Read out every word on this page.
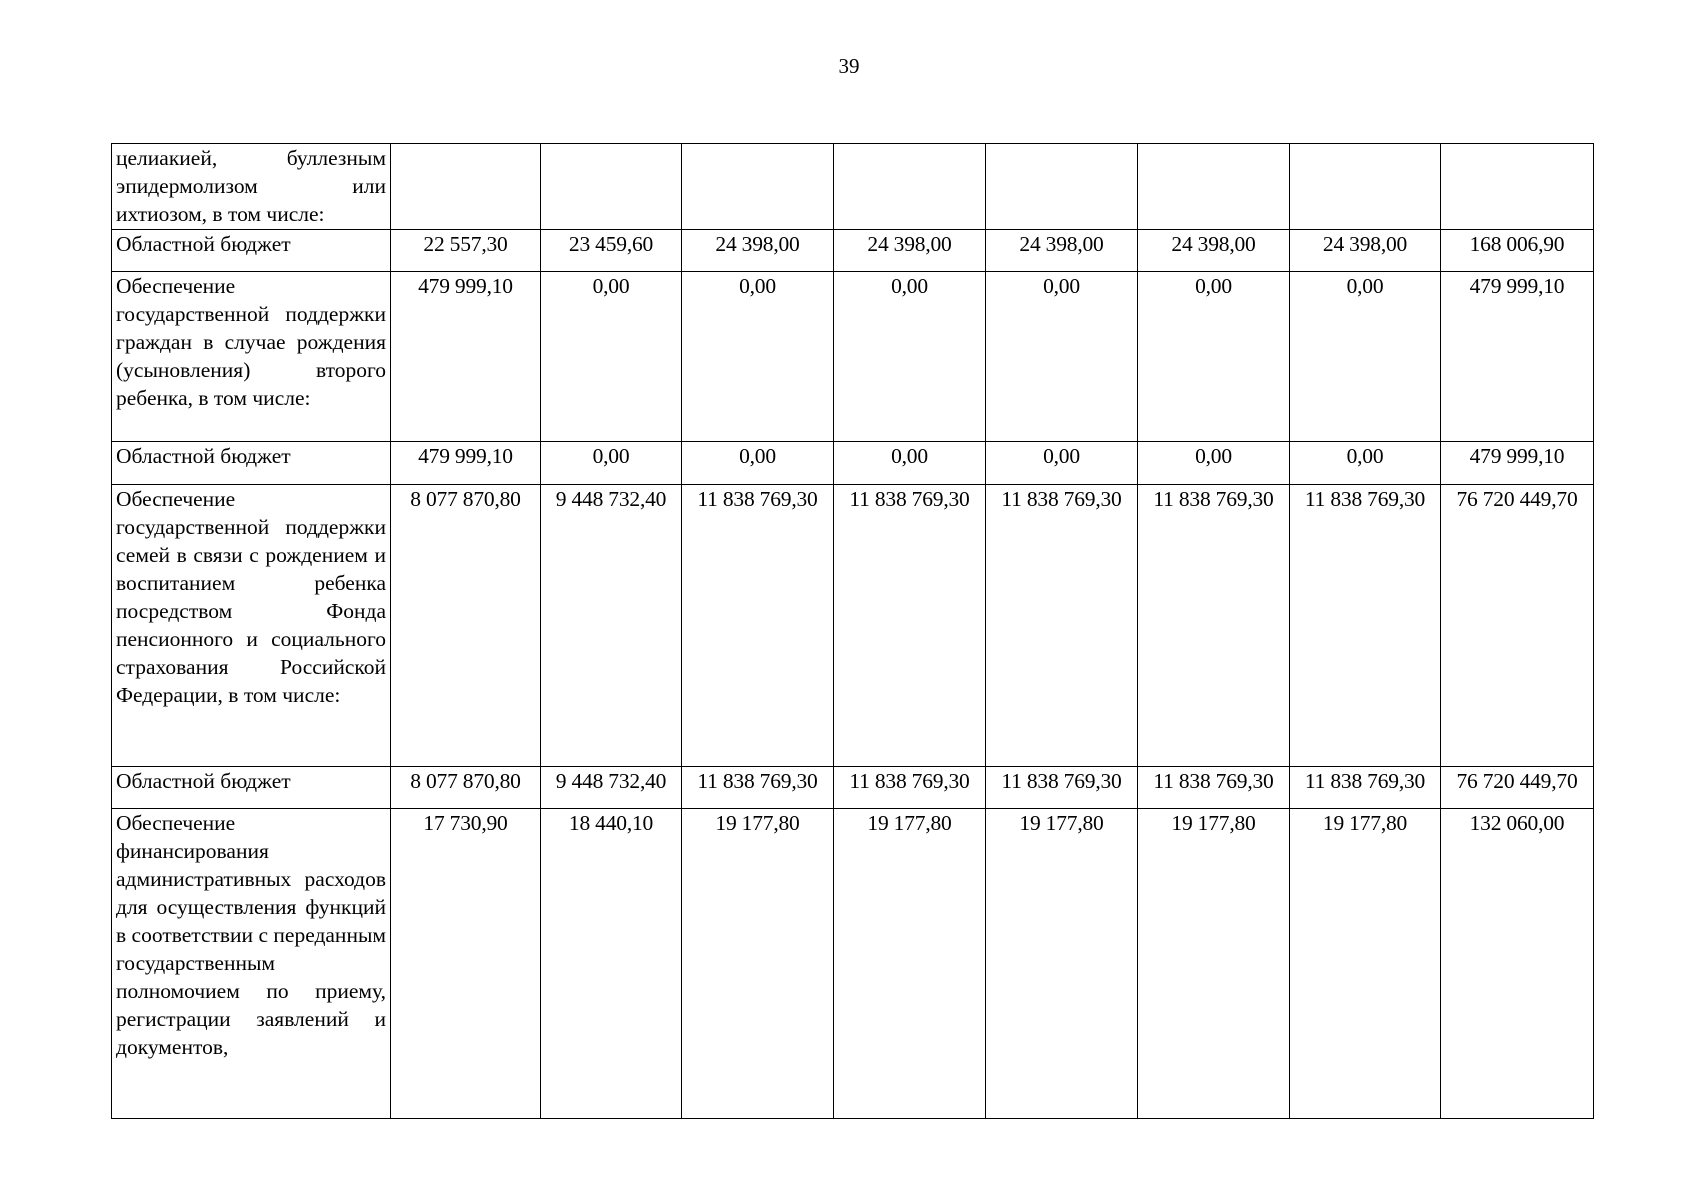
39
целиакией, буллезным эпидермолизом или ихтиозом, в том числе:								
Областной бюджет	22 557,30	23 459,60	24 398,00	24 398,00	24 398,00	24 398,00	24 398,00	168 006,90
Обеспечение государственной поддержки граждан в случае рождения (усыновления) второго ребенка, в том числе:	479 999,10	0,00	0,00	0,00	0,00	0,00	0,00	479 999,10
Областной бюджет	479 999,10	0,00	0,00	0,00	0,00	0,00	0,00	479 999,10
Обеспечение государственной поддержки семей в связи с рождением и воспитанием ребенка посредством Фонда пенсионного и социального страхования Российской Федерации, в том числе:	8 077 870,80	9 448 732,40	11 838 769,30	11 838 769,30	11 838 769,30	11 838 769,30	11 838 769,30	76 720 449,70
Областной бюджет	8 077 870,80	9 448 732,40	11 838 769,30	11 838 769,30	11 838 769,30	11 838 769,30	11 838 769,30	76 720 449,70
Обеспечение финансирования административных расходов для осуществления функций в соответствии с переданным государственным полномочием по приему, регистрации заявлений и документов,	17 730,90	18 440,10	19 177,80	19 177,80	19 177,80	19 177,80	19 177,80	132 060,00
